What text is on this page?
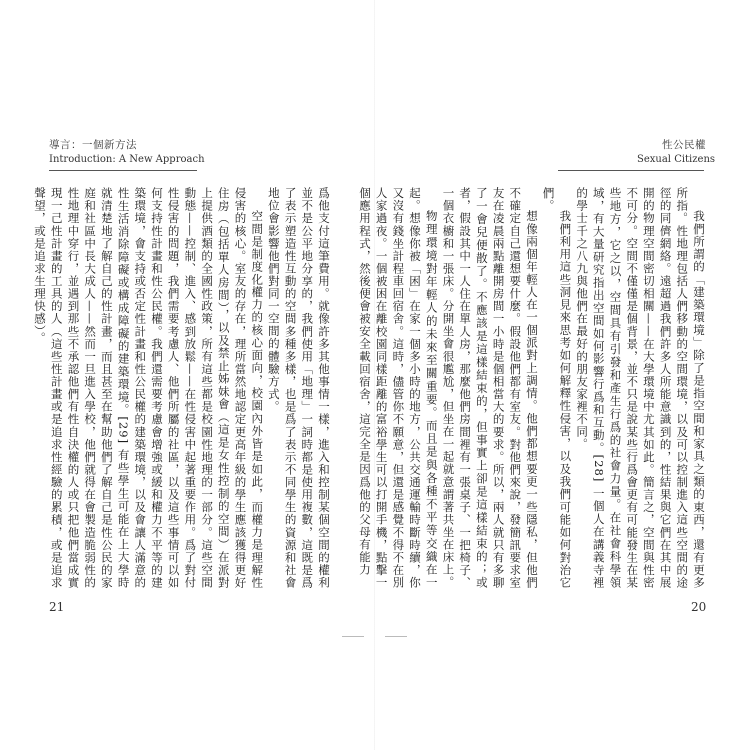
導言：一個新方法
Introduction: A New Approach

爲他支付這筆費用。就像許多其他事情一樣，進入和控制某個空間的權利並不是公平地分享的，我們使用「地理」一詞時都是使用複數，這既是爲了表示塑造性互動的空間多種多樣，也是爲了表示不同學生的資源和社會地位會影響他們對同一空間的體驗方式。

空間是制度化權力的核心面向，校園內外皆是如此，而權力是理解性侵害的核心。室友的存在，理所當然地認定更高年級的學生應該獲得更好住房（包括單人房間），以及禁止姊妹會（這是女性控制的空間）在派對上提供酒類的全國性政策，所有這些都是校園性地理的一部分。這些空間動態——控制、進入、感到放鬆——在性侵害中起著重要作用。爲了對付性侵害的問題，我們需要考慮人、他們所屬的社區，以及這些事情可以如何支持性計畫和性公民權。我們還需要考慮會增強或緩和權力不平等的建築環境，會支持或否定性計畫和性公民權的建築環境，以及會讓人滿意的性生活消除障礙或構成障礙的建築環境。[29] 有些學生可能在上大學時就清楚地了解自己的性計畫，而且甚至在幫助他們了解自己是性公民的家庭和社區中長大成人——然而一旦進入學校，他們就得在會製造脆弱性的性地理中穿行，並遇到那些不承認他們有性自決權的人或只把他們當成實現一己性計畫的工具的人（這些性計畫或是追求性經驗的累積，或是追求聲望，或是追求生理快感）。

21
性公民權
Sexual Citizens

我們所謂的「建築環境」除了是指空間和家具之類的東西，還有更多所指。性地理包括人們移動的空間環境，以及可以控制進入這些空間的途徑的同儕網絡。遠超過我們許多人所能意識到的，性結果與它們在其中展開的物理空間密切相關——在大學環境中尤其如此。簡言之，空間與性密不可分。空間不僅僅是個背景，並不只是說某些行爲會更有可能發生在某些地方，它之以，空間具有引發和產生行爲的社會力量。在社會科學領域，有大量研究指出空間如何影響行爲和互動。[28] 一個人在講義寺裡的學士千之八九與他們在最好的朋友家裡不同。

我們利用這些洞見來思考如何解釋性侵害，以及我們可能如何對治它們。

想像兩個年輕人在一個派對上調情。他們都想要更一些隱私，但他們不確定自己還想要什麼。假設他們都有室友。對他們來說，發簡訊要求室友在凌晨兩點離開房間一小時是個相當大的要求。所以，兩人就只有多聊了一會兒便散了。不應該是這樣結束的，但事實上卻是這樣結束的；或者，假設其中一人住在單人房，那麼他們房間裡有一張桌子、一把椅子、一個衣櫥和一張床。分開坐會很尷尬，但坐在一起就意謂著共坐在床上。

物理環境對年輕人的未來至關重要。而且是與各種不平等交織在一起。想像你被「困」在家一個多小時的地方，公共交通運輸時斷時續，你又沒有錢坐計程車回宿舍。這時，儘管你不願意，但還是感覺不得不在別人家過夜。一個被困在離校園同樣距離的富裕學生可以打開手機，點擊一個應用程式，然後便會被安全載回宿舍，這完全是因爲他的父母有能力

20
